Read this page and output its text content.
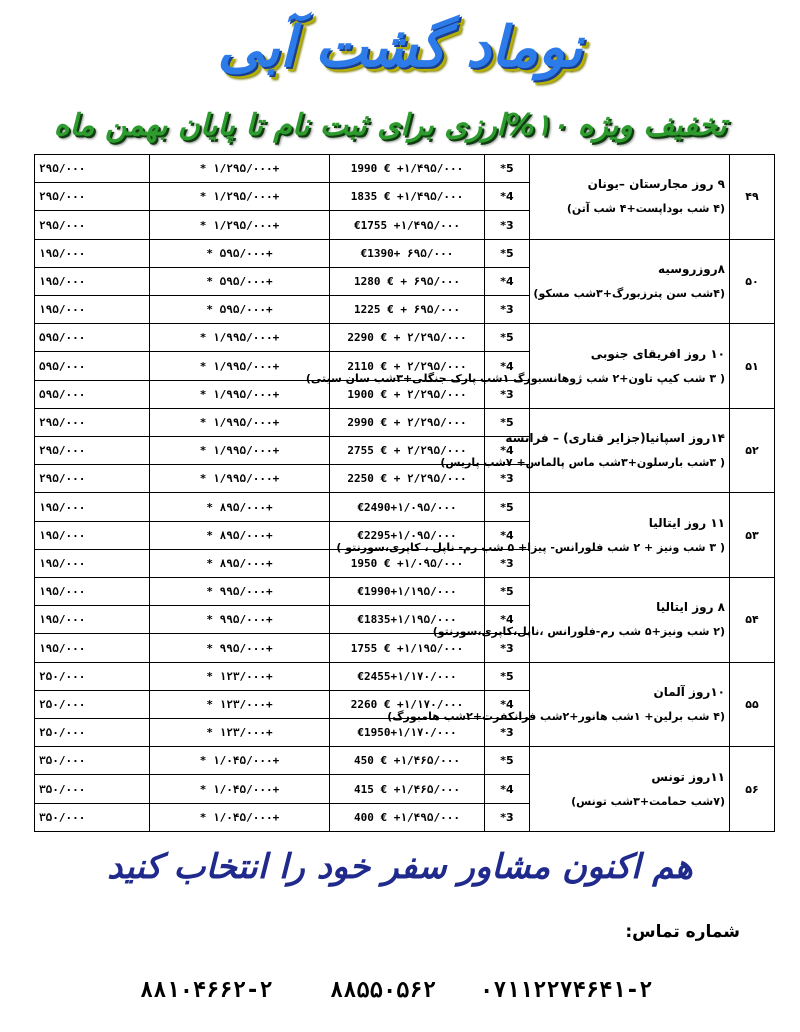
نوماد گشت آبی
تخفیف ویژه ۱۰%ارزی برای ثبت نام تا پایان بهمن ماه
۲۹۵/۰۰۰	* ۱/۲۹۵/۰۰۰+	1990 € +۱/۴۹۵/۰۰۰	*5	۹ روز مجارستان –یونان
(۴ شب بوداپست+۴ شب آتن)	۴۹
۲۹۵/۰۰۰	* ۱/۲۹۵/۰۰۰+	1835 € +۱/۴۹۵/۰۰۰	*4		
۲۹۵/۰۰۰	* ۱/۲۹۵/۰۰۰+	€1755 +۱/۴۹۵/۰۰۰	*3		
۱۹۵/۰۰۰	* ۵۹۵/۰۰۰+	€1390+ ۶۹۵/۰۰۰	*5	۸روزروسیه
(۴شب سن پترزبورگ+۳شب مسکو)	۵۰
۱۹۵/۰۰۰	* ۵۹۵/۰۰۰+	1280 € + ۶۹۵/۰۰۰	*4		
۱۹۵/۰۰۰	* ۵۹۵/۰۰۰+	1225 € + ۶۹۵/۰۰۰	*3		
۵۹۵/۰۰۰	* ۱/۹۹۵/۰۰۰+	2290 € + ۲/۲۹۵/۰۰۰	*5	۱۰ روز افریقای جنوبی
( ۳ شب کیپ تاون+۲ شب ژوهانسبورگ ۱شب پارک جنگلی+۳شب سان سیتی)	۵۱
۵۹۵/۰۰۰	* ۱/۹۹۵/۰۰۰+	2110 € + ۲/۲۹۵/۰۰۰	*4		
۵۹۵/۰۰۰	* ۱/۹۹۵/۰۰۰+	1900 € + ۲/۲۹۵/۰۰۰	*3		
۲۹۵/۰۰۰	* ۱/۹۹۵/۰۰۰+	2990 € + ۲/۲۹۵/۰۰۰	*5	۱۴روز اسپانیا(جزایر قناری) – فرانسه
( ۳شب بارسلون+۳شب ماس پالماس+ ۷شب پاریس)	۵۲
۲۹۵/۰۰۰	* ۱/۹۹۵/۰۰۰+	2755 € + ۲/۲۹۵/۰۰۰	*4		
۲۹۵/۰۰۰	* ۱/۹۹۵/۰۰۰+	2250 € + ۲/۲۹۵/۰۰۰	*3		
۱۹۵/۰۰۰	* ۸۹۵/۰۰۰+	€2490+۱/۰۹۵/۰۰۰	*5	۱۱ روز ایتالیا
( ۳ شب ونیز + ۲ شب فلورانس- پیزا+ ۵ شب رم- ناپل ، کاپری،سورنتو )	۵۳
۱۹۵/۰۰۰	* ۸۹۵/۰۰۰+	€2295+۱/۰۹۵/۰۰۰	*4		
۱۹۵/۰۰۰	* ۸۹۵/۰۰۰+	1950 € +۱/۰۹۵/۰۰۰	*3		
۱۹۵/۰۰۰	* ۹۹۵/۰۰۰+	€1990+۱/۱۹۵/۰۰۰	*5	۸ روز ایتالیا
(۲ شب ونیز+۵ شب رم-فلورانس ،ناپل،کاپری،سورنتو)	۵۴
۱۹۵/۰۰۰	* ۹۹۵/۰۰۰+	€1835+۱/۱۹۵/۰۰۰	*4		
۱۹۵/۰۰۰	* ۹۹۵/۰۰۰+	1755 € +۱/۱۹۵/۰۰۰	*3		
۲۵۰/۰۰۰	* ۱۲۳/۰۰۰+	€2455+۱/۱۷۰/۰۰۰	*5	۱۰روز آلمان
(۴ شب برلین+ ۱شب هانور+۲شب فرانکفرت+۲شب هامبورگ)	۵۵
۲۵۰/۰۰۰	* ۱۲۳/۰۰۰+	2260 € +۱/۱۷۰/۰۰۰	*4		
۲۵۰/۰۰۰	* ۱۲۳/۰۰۰+	€1950+۱/۱۷۰/۰۰۰	*3		
۳۵۰/۰۰۰	* ۱/۰۴۵/۰۰۰+	450 € +۱/۴۶۵/۰۰۰	*5	۱۱روز تونس
(۷شب حمامت+۳شب تونس)	۵۶
۳۵۰/۰۰۰	* ۱/۰۴۵/۰۰۰+	415 € +۱/۴۶۵/۰۰۰	*4		
۳۵۰/۰۰۰	* ۱/۰۴۵/۰۰۰+	400 € +۱/۴۹۵/۰۰۰	*3		
هم اکنون مشاور سفر خود را انتخاب کنید
شماره تماس:
۸۸۱۰۴۶۶۲-۲	۸۸۵۵۰۵۶۲ ۰۷۱۱۲۲۷۴۶۴۱-۲
